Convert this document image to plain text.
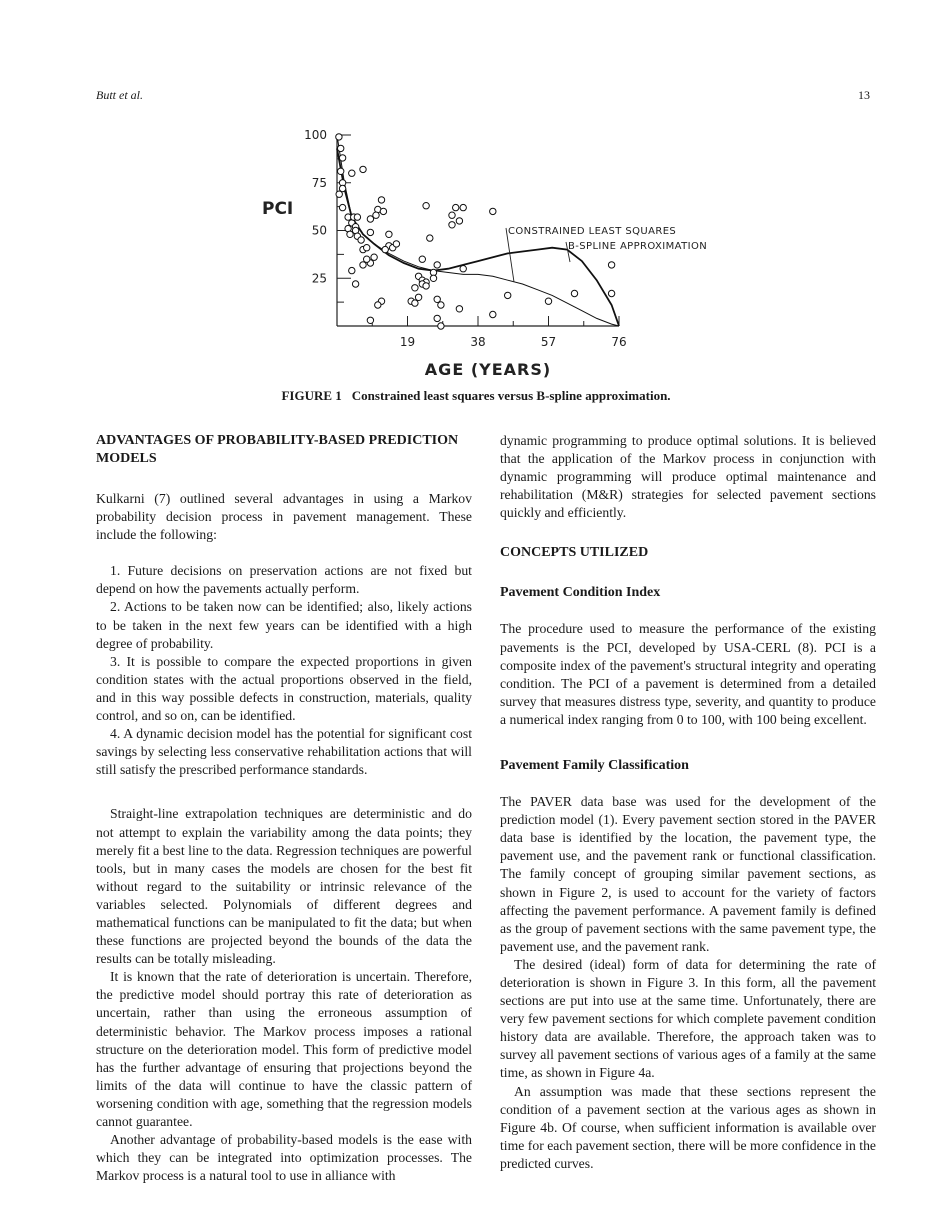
Butt et al.	13
100
75
50
25
19	38	57	76
PCI
AGE (YEARS)
CONSTRAINED LEAST SQUARES
B-SPLINE APPROXIMATION
FIGURE 1 Constrained least squares versus B-spline approximation.
ADVANTAGES OF PROBABILITY-BASED PREDICTION MODELS

Kulkarni (7) outlined several advantages in using a Markov probability decision process in pavement management. These include the following:

1. Future decisions on preservation actions are not fixed but depend on how the pavements actually perform.

2. Actions to be taken now can be identified; also, likely actions to be taken in the next few years can be identified with a high degree of probability.

3. It is possible to compare the expected proportions in given condition states with the actual proportions observed in the field, and in this way possible defects in construction, materials, quality control, and so on, can be identified.

4. A dynamic decision model has the potential for significant cost savings by selecting less conservative rehabilitation actions that will still satisfy the prescribed performance standards.

Straight-line extrapolation techniques are deterministic and do not attempt to explain the variability among the data points; they merely fit a best line to the data. Regression techniques are powerful tools, but in many cases the models are chosen for the best fit without regard to the suitability or intrinsic relevance of the variables selected. Polynomials of different degrees and mathematical functions can be manipulated to fit the data; but when these functions are projected beyond the bounds of the data the results can be totally misleading.

It is known that the rate of deterioration is uncertain. Therefore, the predictive model should portray this rate of deterioration as uncertain, rather than using the erroneous assumption of deterministic behavior. The Markov process imposes a rational structure on the deterioration model. This form of predictive model has the further advantage of ensuring that projections beyond the limits of the data will continue to have the classic pattern of worsening condition with age, something that the regression models cannot guarantee.

Another advantage of probability-based models is the ease with which they can be integrated into optimization processes. The Markov process is a natural tool to use in alliance with

dynamic programming to produce optimal solutions. It is believed that the application of the Markov process in conjunction with dynamic programming will produce optimal maintenance and rehabilitation (M&R) strategies for selected pavement sections quickly and efficiently.

CONCEPTS UTILIZED
Pavement Condition Index

The procedure used to measure the performance of the existing pavements is the PCI, developed by USA-CERL (8). PCI is a composite index of the pavement's structural integrity and operating condition. The PCI of a pavement is determined from a detailed survey that measures distress type, severity, and quantity to produce a numerical index ranging from 0 to 100, with 100 being excellent.

Pavement Family Classification

The PAVER data base was used for the development of the prediction model (1). Every pavement section stored in the PAVER data base is identified by the location, the pavement type, the pavement use, and the pavement rank or functional classification. The family concept of grouping similar pavement sections, as shown in Figure 2, is used to account for the variety of factors affecting the pavement performance. A pavement family is defined as the group of pavement sections with the same pavement type, the pavement use, and the pavement rank.

The desired (ideal) form of data for determining the rate of deterioration is shown in Figure 3. In this form, all the pavement sections are put into use at the same time. Unfortunately, there are very few pavement sections for which complete pavement condition history data are available. Therefore, the approach taken was to survey all pavement sections of various ages of a family at the same time, as shown in Figure 4a.

An assumption was made that these sections represent the condition of a pavement section at the various ages as shown in Figure 4b. Of course, when sufficient information is available over time for each pavement section, there will be more confidence in the predicted curves.
